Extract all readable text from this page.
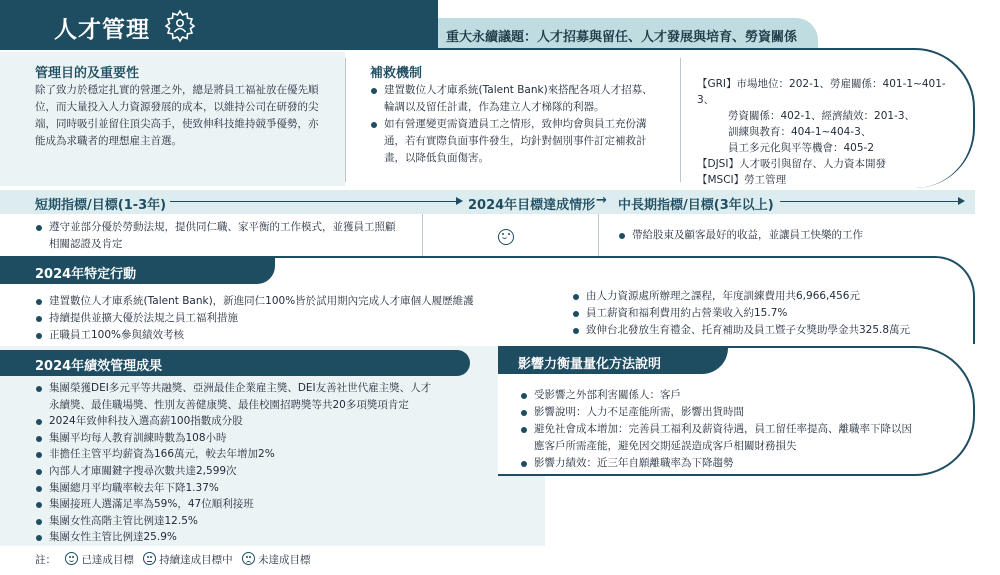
人才管理	重大永續議題：人才招募與留任、人才發展與培育、勞資關係
管理目的及重要性
除了致力於穩定扎實的營運之外，總是將員工福祉放在優先順位，而大量投入人力資源發展的成本，以維持公司在研發的尖端，同時吸引並留住頂尖高手，使致伸科技維持競爭優勢，亦能成為求職者的理想雇主首選。
補救機制
建置數位人才庫系統(Talent Bank)來搭配各項人才招募、輪調以及留任計畫，作為建立人才梯隊的利器。
如有營運變更需資遣員工之情形，致伸均會與員工充份溝通，若有實際負面事件發生，均針對個別事件訂定補救計畫，以降低負面傷害。
【GRI】市場地位：202-1、勞雇關係：401-1~401-3、
勞資關係：402-1、經濟績效：201-3、
訓練與教育：404-1~404-3、
員工多元化與平等機會：405-2
【DJSI】人才吸引與留存、人力資本開發
【MSCI】勞工管理
短期指標/目標(1-3年)	2024年目標達成情形 → 中長期指標/目標(3年以上)
遵守並部分優於勞動法規，提供同仁職、家平衡的工作模式，並獲員工照顧相關認證及肯定
帶給股東及顧客最好的收益，並讓員工快樂的工作
2024年特定行動
建置數位人才庫系統(Talent Bank)，新進同仁100%皆於試用期內完成人才庫個人履歷維護
持續提供並擴大優於法規之員工福利措施
正職員工100%參與績效考核
由人力資源處所辦理之課程，年度訓練費用共6,966,456元
員工薪資和福利費用約占營業收入約15.7%
致伸台北發放生育禮金、托育補助及員工暨子女獎助學金共325.8萬元
2024年績效管理成果
集團榮獲DEI多元平等共融獎、亞洲最佳企業雇主獎、DEI友善社世代雇主獎、人才永續獎、最佳職場獎、性別友善健康獎、最佳校園招聘獎等共20多項獎項肯定
2024年致伸科技入選高薪100指數成分股
集團平均每人教育訓練時數為108小時
非擔任主管平均薪資為166萬元，較去年增加2%
內部人才庫關鍵字搜尋次數共達2,599次
集團總月平均職率較去年下降1.37%
集團接班人選滿足率為59%，47位順利接班
集團女性高階主管比例達12.5%
集團女性主管比例達25.9%
影響力衡量量化方法說明
受影響之外部利害關係人：客戶
影響說明：人力不足產能所需，影響出貨時間
避免社會成本增加：完善員工福利及薪資待遇，員工留任率提高、離職率下降以因應客戶所需產能，避免因交期延誤造成客戶相關財務損失
影響力績效：近三年自願離職率為下降趨勢
註： 已達成目標 持續達成目標中 未達成目標
